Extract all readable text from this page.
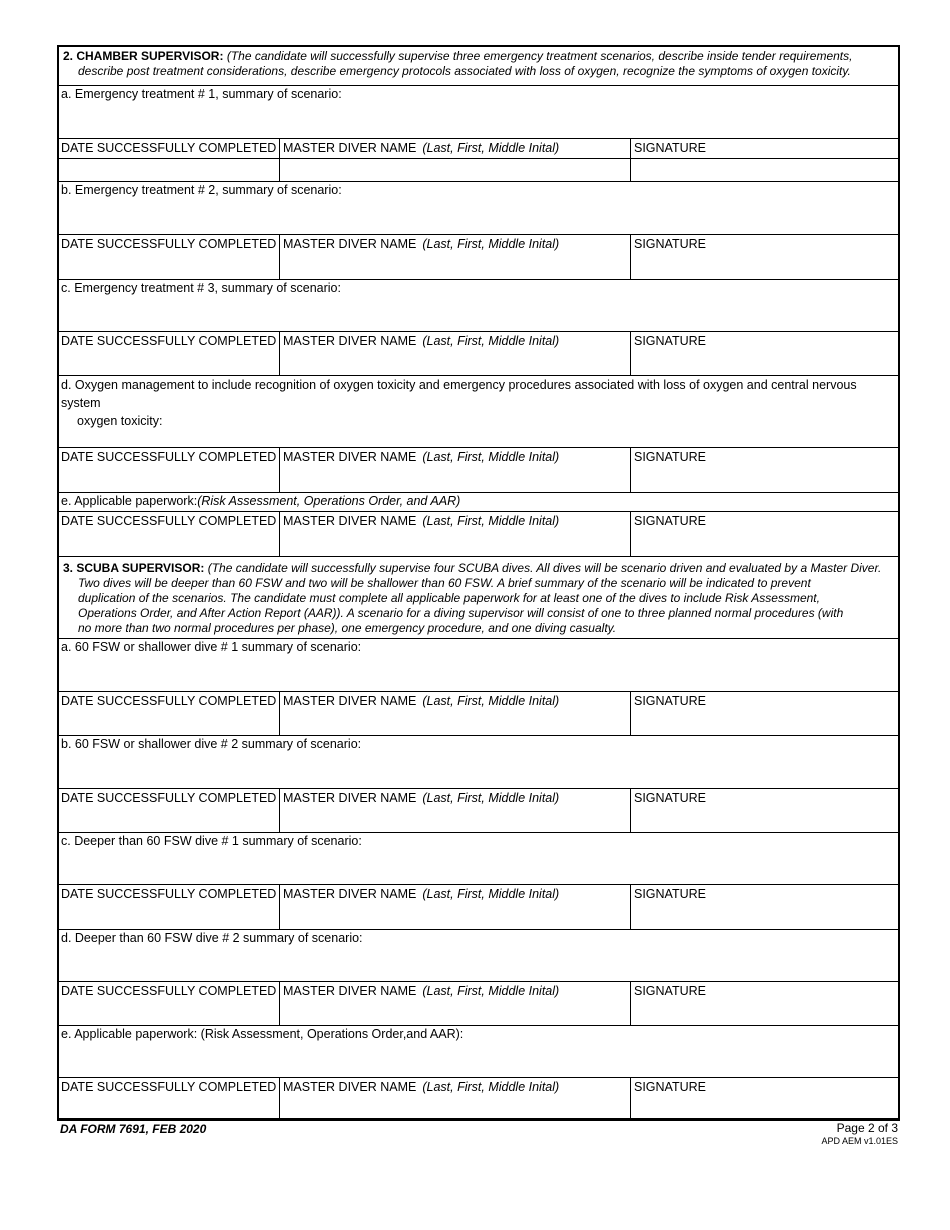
2. CHAMBER SUPERVISOR: (The candidate will successfully supervise three emergency treatment scenarios, describe inside tender requirements,
describe post treatment considerations, describe emergency protocols associated with loss of oxygen, recognize the symptoms of oxygen toxicity.
a. Emergency treatment # 1, summary of scenario:
DATE SUCCESSFULLY COMPLETED MASTER DIVER NAME (Last, First, Middle Inital)	SIGNATURE
b. Emergency treatment # 2, summary of scenario:
DATE SUCCESSFULLY COMPLETED MASTER DIVER NAME (Last, First, Middle Inital)	SIGNATURE
c. Emergency treatment # 3, summary of scenario:
DATE SUCCESSFULLY COMPLETED MASTER DIVER NAME (Last, First, Middle Inital)	SIGNATURE
d. Oxygen management to include recognition of oxygen toxicity and emergency procedures associated with loss of oxygen and central nervous system
oxygen toxicity:
DATE SUCCESSFULLY COMPLETED MASTER DIVER NAME (Last, First, Middle Inital)	SIGNATURE
e. Applicable paperwork:(Risk Assessment, Operations Order, and AAR)
DATE SUCCESSFULLY COMPLETED MASTER DIVER NAME (Last, First, Middle Inital)	SIGNATURE
3. SCUBA SUPERVISOR: (The candidate will successfully supervise four SCUBA dives. All dives will be scenario driven and evaluated by a Master Diver.
Two dives will be deeper than 60 FSW and two will be shallower than 60 FSW. A brief summary of the scenario will be indicated to prevent
duplication of the scenarios. The candidate must complete all applicable paperwork for at least one of the dives to include Risk Assessment,
Operations Order, and After Action Report (AAR)). A scenario for a diving supervisor will consist of one to three planned normal procedures (with
no more than two normal procedures per phase), one emergency procedure, and one diving casualty.
a. 60 FSW or shallower dive # 1 summary of scenario:
DATE SUCCESSFULLY COMPLETED MASTER DIVER NAME (Last, First, Middle Inital)	SIGNATURE
b. 60 FSW or shallower dive # 2 summary of scenario:
DATE SUCCESSFULLY COMPLETED MASTER DIVER NAME (Last, First, Middle Inital)	SIGNATURE
c. Deeper than 60 FSW dive # 1 summary of scenario:
DATE SUCCESSFULLY COMPLETED MASTER DIVER NAME (Last, First, Middle Inital)	SIGNATURE
d. Deeper than 60 FSW dive # 2 summary of scenario:
DATE SUCCESSFULLY COMPLETED MASTER DIVER NAME (Last, First, Middle Inital)	SIGNATURE
e. Applicable paperwork: (Risk Assessment, Operations Order,and AAR):
DATE SUCCESSFULLY COMPLETED MASTER DIVER NAME (Last, First, Middle Inital)	SIGNATURE
DA FORM 7691, FEB 2020	Page 2 of 3
APD AEM v1.01ES
